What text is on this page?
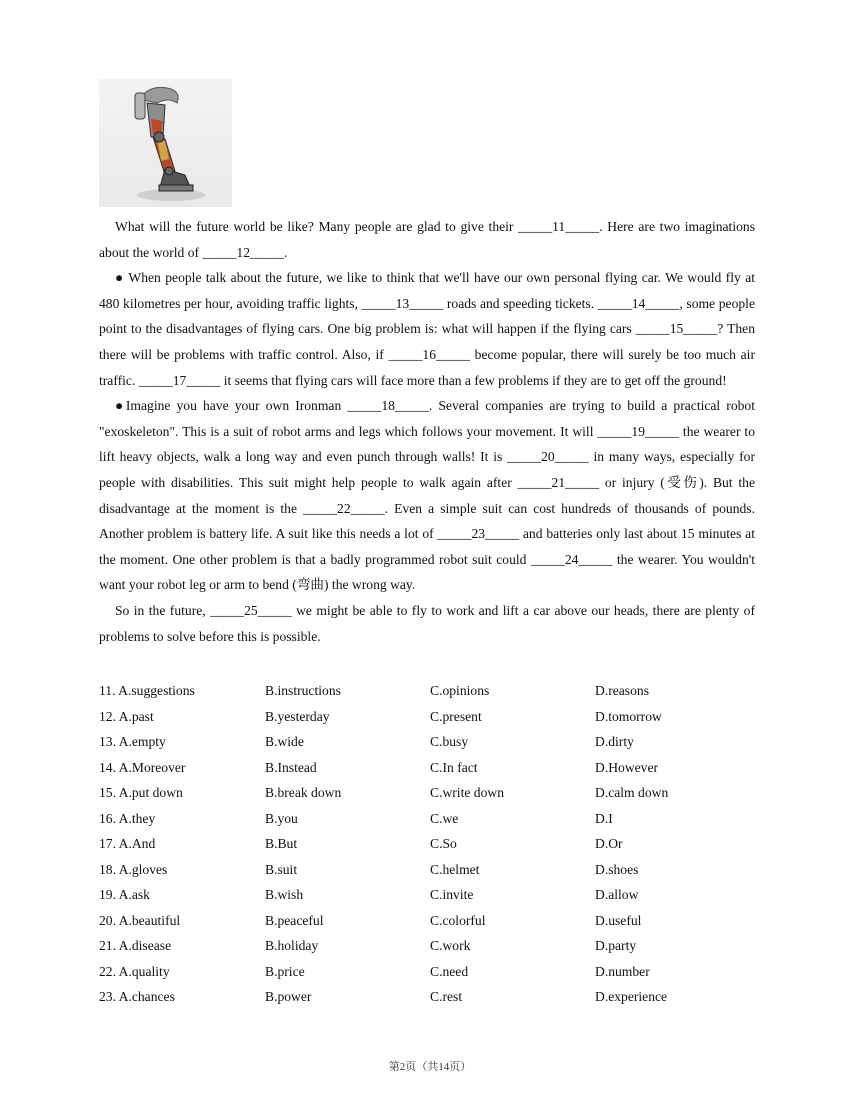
What will the future world be like? Many people are glad to give their _____11_____. Here are two imaginations about the world of _____12_____.

● When people talk about the future, we like to think that we'll have our own personal flying car. We would fly at 480 kilometres per hour, avoiding traffic lights, _____13_____ roads and speeding tickets. _____14_____, some people point to the disadvantages of flying cars. One big problem is: what will happen if the flying cars _____15_____? Then there will be problems with traffic control. Also, if _____16_____ become popular, there will surely be too much air traffic. _____17_____ it seems that flying cars will face more than a few problems if they are to get off the ground!

●Imagine you have your own Ironman _____18_____. Several companies are trying to build a practical robot "exoskeleton". This is a suit of robot arms and legs which follows your movement. It will _____19_____ the wearer to lift heavy objects, walk a long way and even punch through walls! It is _____20_____ in many ways, especially for people with disabilities. This suit might help people to walk again after _____21_____ or injury (受伤). But the disadvantage at the moment is the _____22_____. Even a simple suit can cost hundreds of thousands of pounds. Another problem is battery life. A suit like this needs a lot of _____23_____ and batteries only last about 15 minutes at the moment. One other problem is that a badly programmed robot suit could _____24_____ the wearer. You wouldn't want your robot leg or arm to bend (弯曲) the wrong way.

So in the future, _____25_____ we might be able to fly to work and lift a car above our heads, there are plenty of problems to solve before this is possible.

11. A.suggestions	B.instructions	C.opinions	D.reasons
12. A.past	B.yesterday	C.present	D.tomorrow
13. A.empty	B.wide	C.busy	D.dirty
14. A.Moreover	B.Instead	C.In fact	D.However
15. A.put down	B.break down	C.write down	D.calm down
16. A.they	B.you	C.we	D.I
17. A.And	B.But	C.So	D.Or
18. A.gloves	B.suit	C.helmet	D.shoes
19. A.ask	B.wish	C.invite	D.allow
20. A.beautiful	B.peaceful	C.colorful	D.useful
21. A.disease	B.holiday	C.work	D.party
22. A.quality	B.price	C.need	D.number
23. A.chances	B.power	C.rest	D.experience
第2页（共14页）
